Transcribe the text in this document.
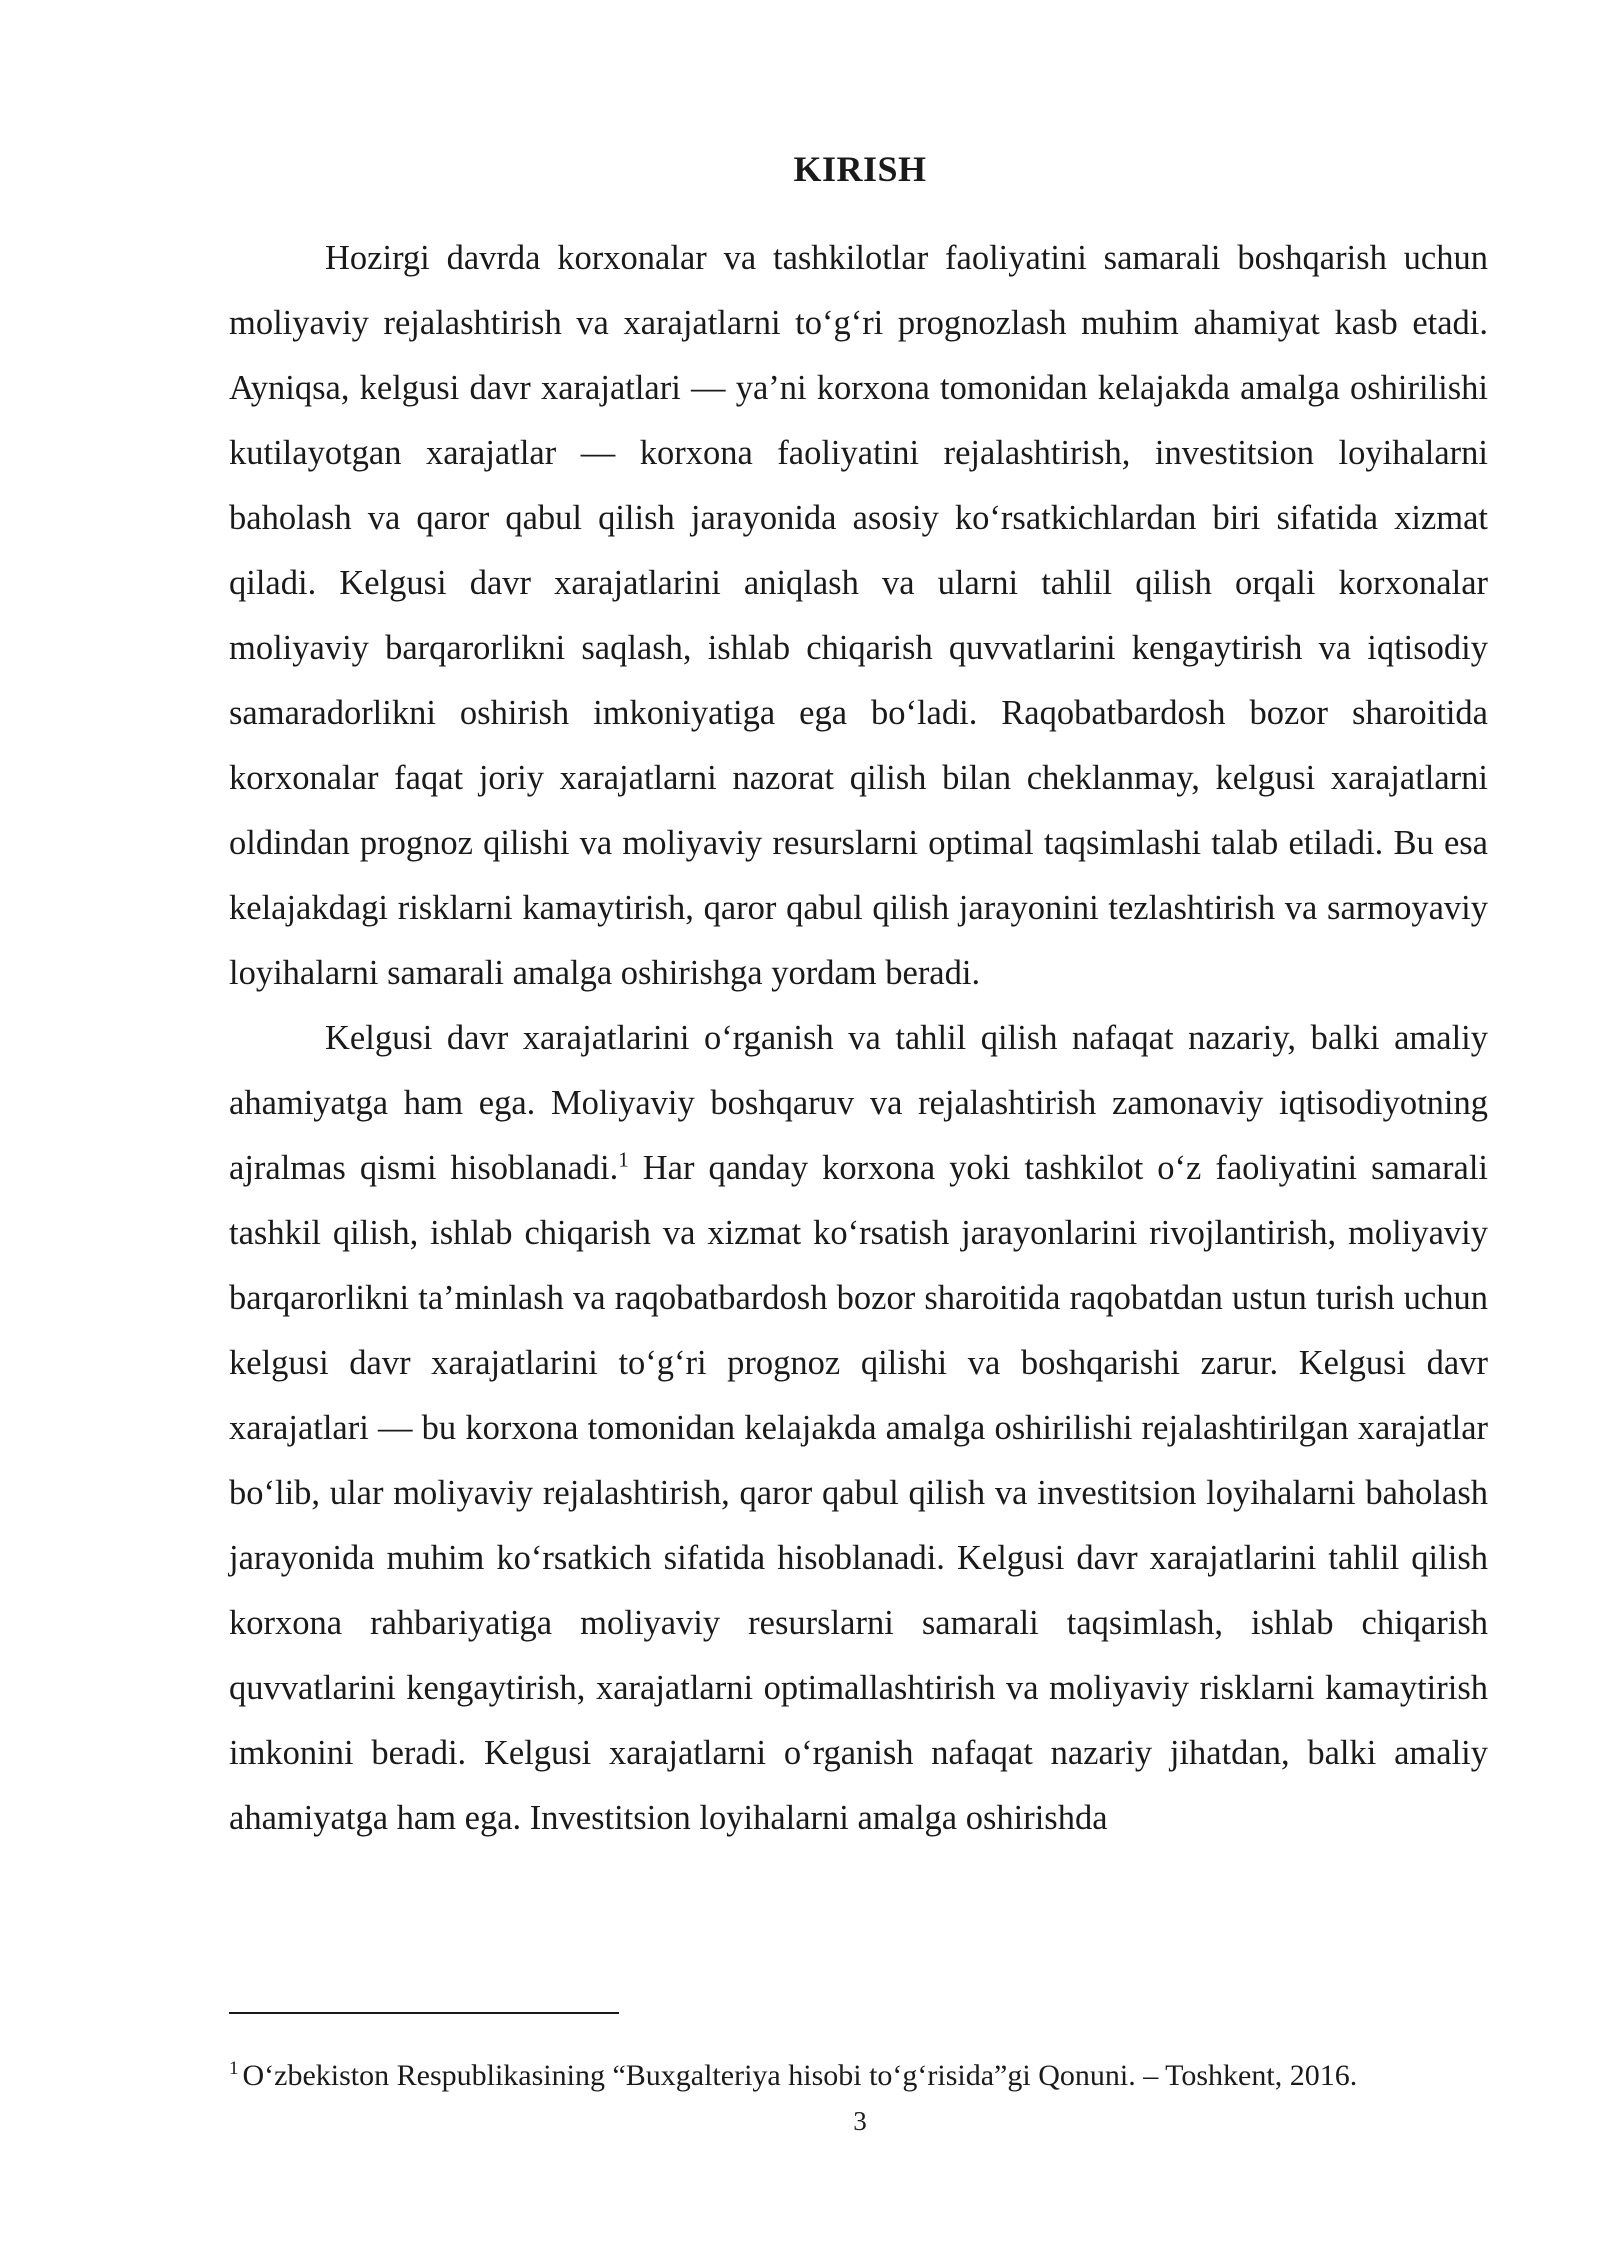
KIRISH

Hozirgi davrda korxonalar va tashkilotlar faoliyatini samarali boshqarish uchun moliyaviy rejalashtirish va xarajatlarni to‘g‘ri prognozlash muhim ahamiyat kasb etadi. Ayniqsa, kelgusi davr xarajatlari — ya’ni korxona tomonidan kelajakda amalga oshirilishi kutilayotgan xarajatlar — korxona faoliyatini rejalashtirish, investitsion loyihalarni baholash va qaror qabul qilish jarayonida asosiy ko‘rsatkichlardan biri sifatida xizmat qiladi. Kelgusi davr xarajatlarini aniqlash va ularni tahlil qilish orqali korxonalar moliyaviy barqarorlikni saqlash, ishlab chiqarish quvvatlarini kengaytirish va iqtisodiy samaradorlikni oshirish imkoniyatiga ega bo‘ladi. Raqobatbardosh bozor sharoitida korxonalar faqat joriy xarajatlarni nazorat qilish bilan cheklanmay, kelgusi xarajatlarni oldindan prognoz qilishi va moliyaviy resurslarni optimal taqsimlashi talab etiladi. Bu esa kelajakdagi risklarni kamaytirish, qaror qabul qilish jarayonini tezlashtirish va sarmoyaviy loyihalarni samarali amalga oshirishga yordam beradi.

Kelgusi davr xarajatlarini o‘rganish va tahlil qilish nafaqat nazariy, balki amaliy ahamiyatga ham ega. Moliyaviy boshqaruv va rejalashtirish zamonaviy iqtisodiyotning ajralmas qismi hisoblanadi.$^1$ Har qanday korxona yoki tashkilot o‘z faoliyatini samarali tashkil qilish, ishlab chiqarish va xizmat ko‘rsatish jarayonlarini rivojlantirish, moliyaviy barqarorlikni ta’minlash va raqobatbardosh bozor sharoitida raqobatdan ustun turish uchun kelgusi davr xarajatlarini to‘g‘ri prognoz qilishi va boshqarishi zarur. Kelgusi davr xarajatlari — bu korxona tomonidan kelajakda amalga oshirilishi rejalashtirilgan xarajatlar bo‘lib, ular moliyaviy rejalashtirish, qaror qabul qilish va investitsion loyihalarni baholash jarayonida muhim ko‘rsatkich sifatida hisoblanadi. Kelgusi davr xarajatlarini tahlil qilish korxona rahbariyatiga moliyaviy resurslarni samarali taqsimlash, ishlab chiqarish quvvatlarini kengaytirish, xarajatlarni optimallashtirish va moliyaviy risklarni kamaytirish imkonini beradi. Kelgusi xarajatlarni o‘rganish nafaqat nazariy jihatdan, balki amaliy ahamiyatga ham ega. Investitsion loyihalarni amalga oshirishda

$^1$ O‘zbekiston Respublikasining “Buxgalteriya hisobi to‘g‘risida”gi Qonuni. – Toshkent, 2016.
3
